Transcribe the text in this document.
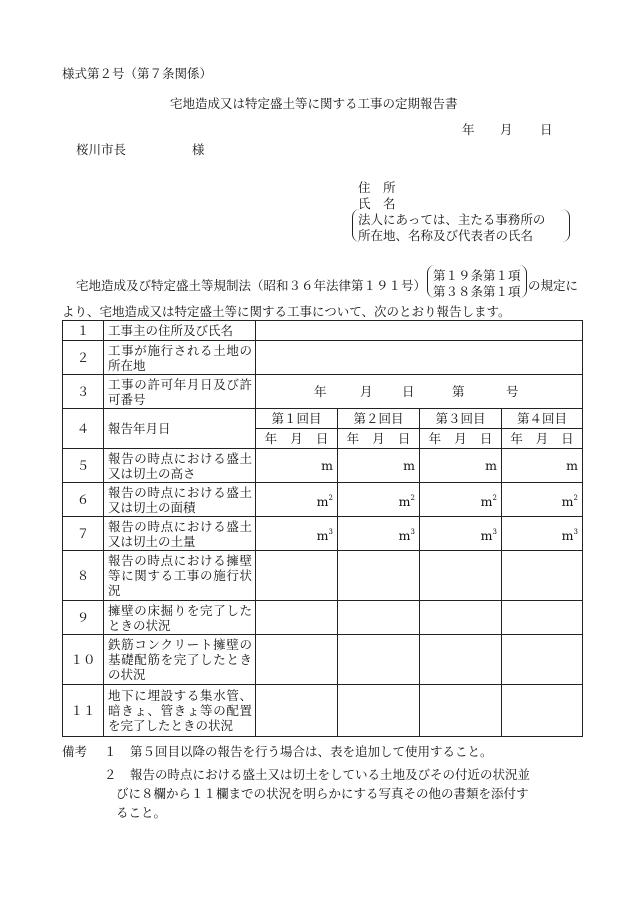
様式第２号（第７条関係）
宅地造成又は特定盛土等に関する工事の定期報告書
年 月 日
桜川市長	様
住　所
氏　名
法人にあっては、主たる事務所の
所在地、名称及び代表者の氏名
宅地造成及び特定盛土等規制法（昭和３６年法律第１９１号）
第１９条第１項
第３８条第１項 の規定に
より、宅地造成又は特定盛土等に関する工事について、次のとおり報告します。
１	工事主の住所及び氏名				
２	工事が施行される土地の所在地				
３	工事の許可年月日及び許可番号	年 月 日 第 号			

４	報告年月日	第１回目	第２回目	第３回目	第４回目

		年 月 日	年 月 日	年 月 日	年 月 日

５	報告の時点における盛土又は切土の高さ	m	m	m	m
６	報告の時点における盛土又は切土の面積	$m^2$	$m^2$	$m^2$	$m^2$
７	報告の時点における盛土又は切土の土量	$m^3$	$m^3$	$m^3$	$m^3$
８	報告の時点における擁壁等に関する工事の施行状況				
９	擁壁の床掘りを完了したときの状況				
１０	鉄筋コンクリート擁壁の基礎配筋を完了したときの状況				
１１	地下に埋設する集水管、暗きょ、管きょ等の配置を完了したときの状況				
備考 １ 第５回目以降の報告を行う場合は、表を追加して使用すること。
２ 報告の時点における盛土又は切土をしている土地及びその付近の状況並
びに８欄から１１欄までの状況を明らかにする写真その他の書類を添付す
ること。
